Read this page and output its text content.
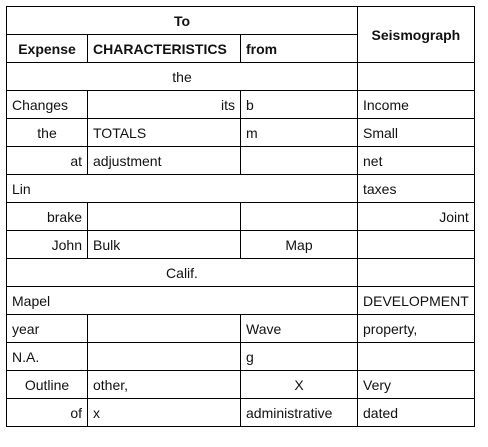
To			Seismograph
Expense	CHARACTERISTICS	from	
the			
Changes	its	b	Income
the	TOTALS	m	Small
at	adjustment		net
Lin			taxes
brake			Joint
John	Bulk	Map	
Calif.			
Mapel			DEVELOPMENT
year		Wave	property,
N.A.		g	
Outline	other,	X	Very
of	x	administrative	dated
